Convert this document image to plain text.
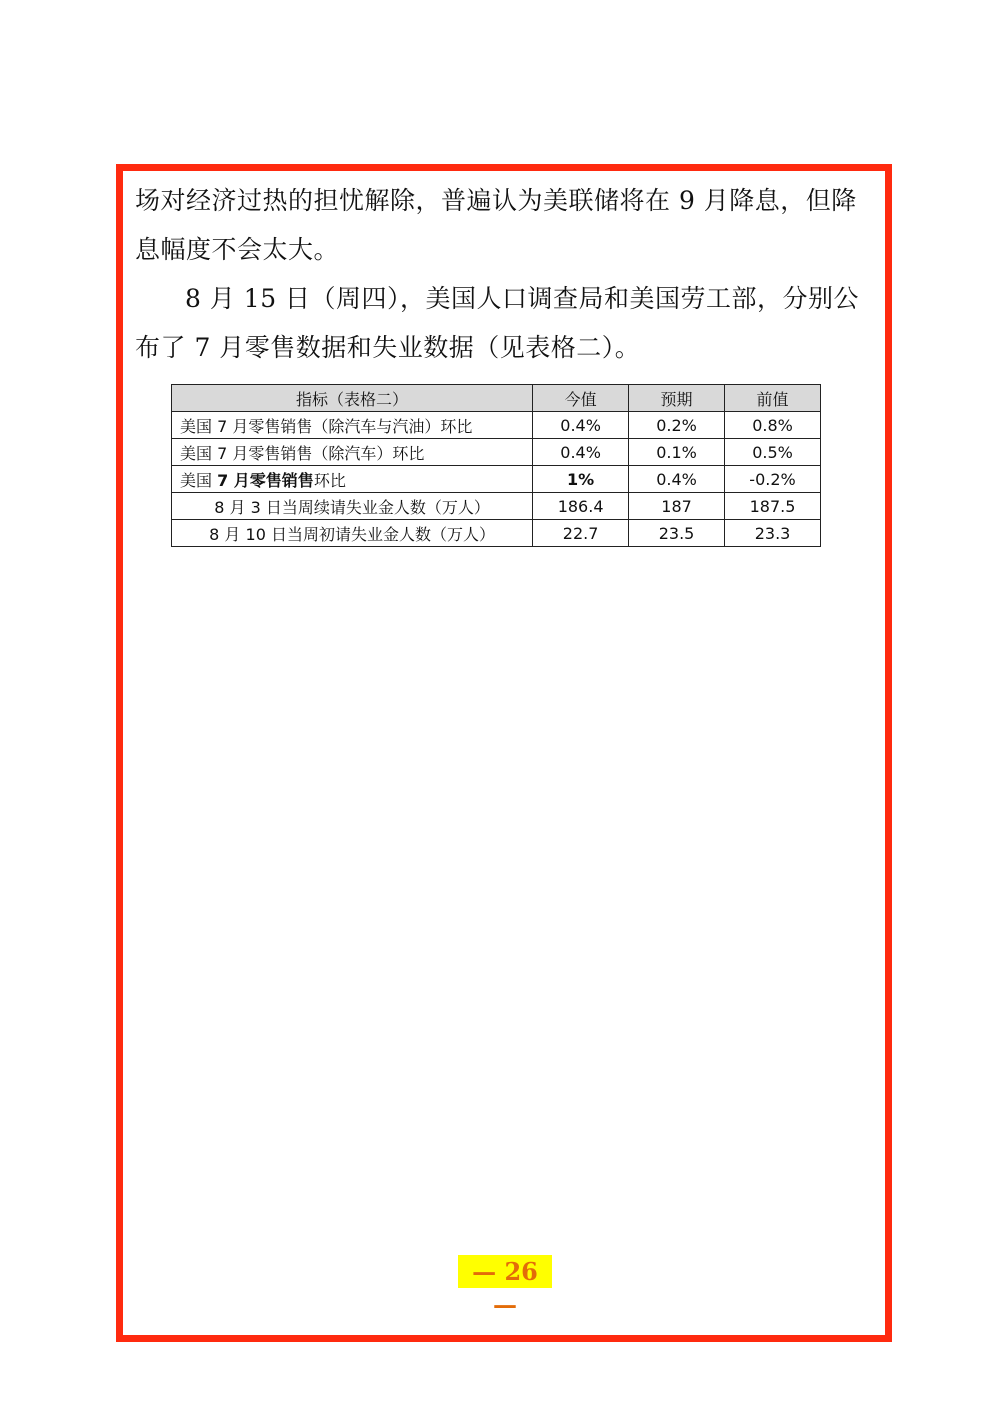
场对经济过热的担忧解除，普遍认为美联储将在 9 月降息，但降息幅度不会太大。

8 月 15 日（周四），美国人口调查局和美国劳工部，分别公布了 7 月零售数据和失业数据（见表格二）。

指标（表格二）	今值	预期	前值
美国 7 月零售销售（除汽车与汽油）环比	0.4%	0.2%	0.8%
美国 7 月零售销售（除汽车）环比	0.4%	0.1%	0.5%
美国 7 月零售销售环比	1%	0.4%	-0.2%
8 月 3 日当周续请失业金人数（万人）	186.4	187	187.5
8 月 10 日当周初请失业金人数（万人）	22.7	23.5	23.3
— 26 —
